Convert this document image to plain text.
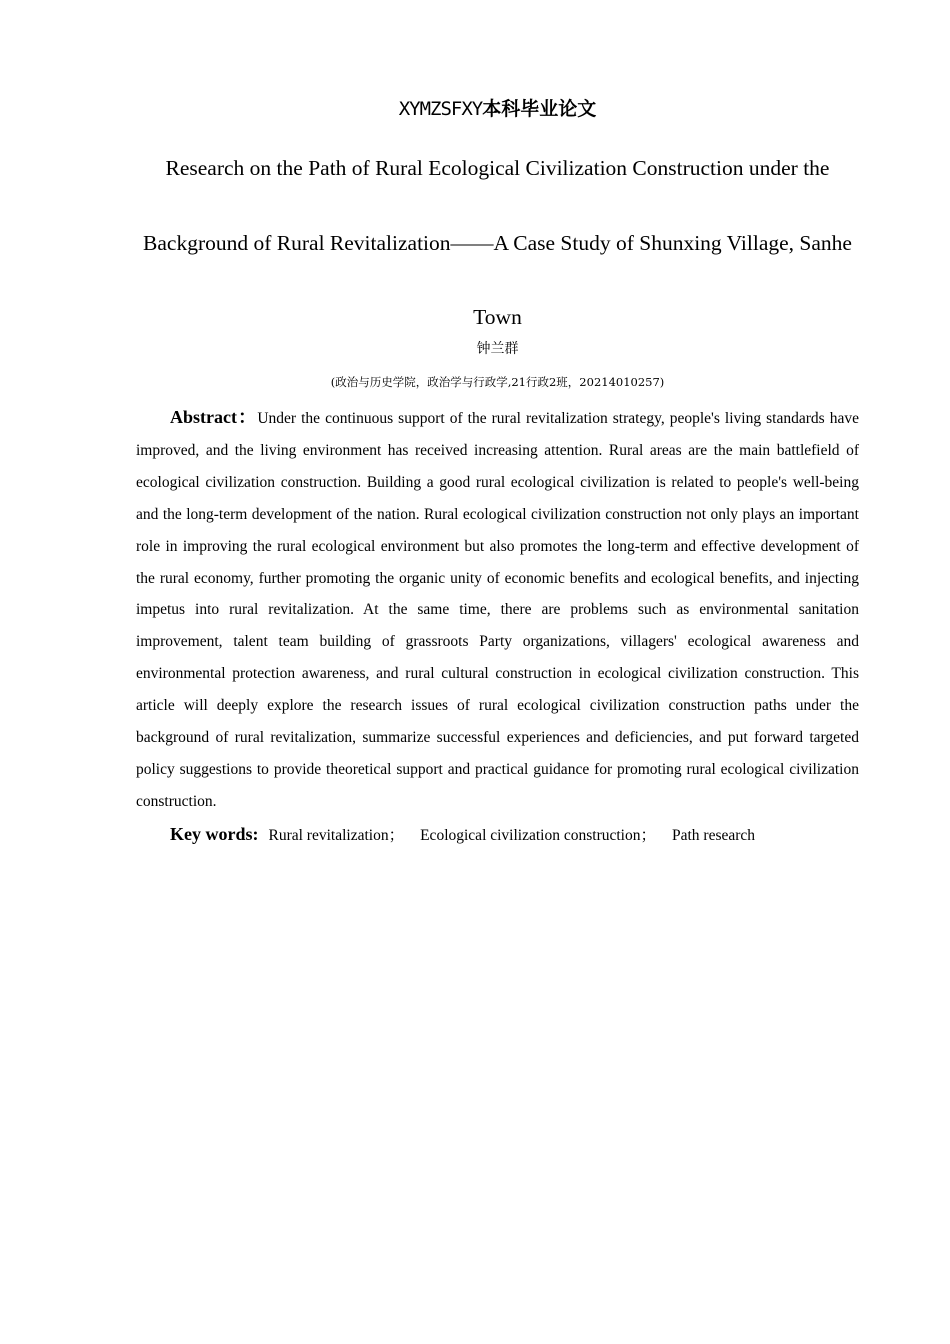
XYMZSFXY本科毕业论文
Research on the Path of Rural Ecological Civilization Construction under the Background of Rural Revitalization——A Case Study of Shunxing Village, Sanhe Town
钟兰群
(政治与历史学院，政治学与行政学,21行政2班，20214010257)

Abstract：Under the continuous support of the rural revitalization strategy, people's living standards have improved, and the living environment has received increasing attention. Rural areas are the main battlefield of ecological civilization construction. Building a good rural ecological civilization is related to people's well-being and the long-term development of the nation. Rural ecological civilization construction not only plays an important role in improving the rural ecological environment but also promotes the long-term and effective development of the rural economy, further promoting the organic unity of economic benefits and ecological benefits, and injecting impetus into rural revitalization. At the same time, there are problems such as environmental sanitation improvement, talent team building of grassroots Party organizations, villagers' ecological awareness and environmental protection awareness, and rural cultural construction in ecological civilization construction. This article will deeply explore the research issues of rural ecological civilization construction paths under the background of rural revitalization, summarize successful experiences and deficiencies, and put forward targeted policy suggestions to provide theoretical support and practical guidance for promoting rural ecological civilization construction.

Key words: Rural revitalization； Ecological civilization construction； Path research
